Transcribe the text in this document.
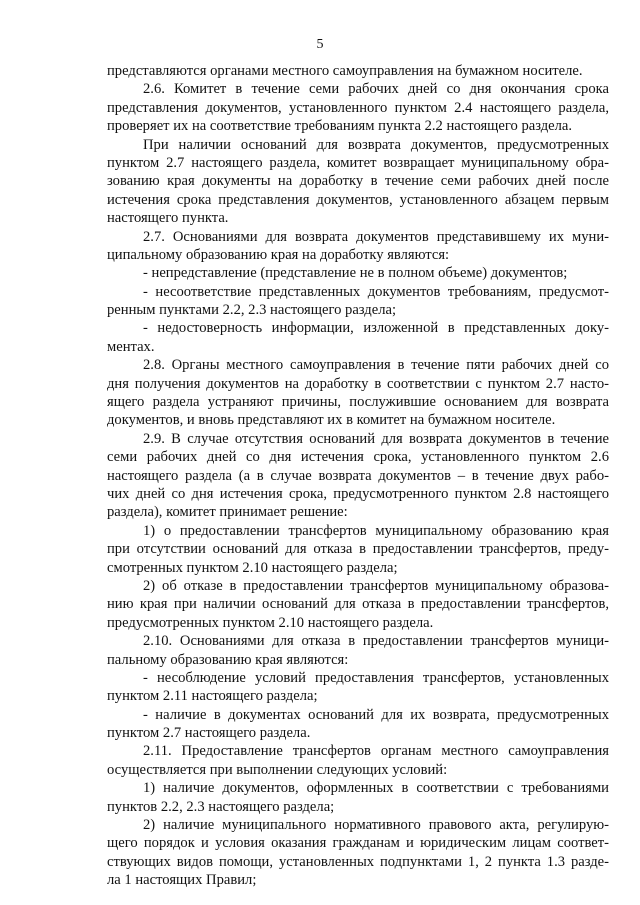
5
представляются органами местного самоуправления на бумажном носителе.
2.6. Комитет в течение семи рабочих дней со дня окончания срока
представления документов, установленного пунктом 2.4 настоящего раздела,
проверяет их на соответствие требованиям пункта 2.2 настоящего раздела.
При наличии оснований для возврата документов, предусмотренных
пунктом 2.7 настоящего раздела, комитет возвращает муниципальному обра-
зованию края документы на доработку в течение семи рабочих дней после
истечения срока представления документов, установленного абзацем первым
настоящего пункта.
2.7. Основаниями для возврата документов представившему их муни-
ципальному образованию края на доработку являются:
- непредставление (представление не в полном объеме) документов;
- несоответствие представленных документов требованиям, предусмот-
ренным пунктами 2.2, 2.3 настоящего раздела;
- недостоверность информации, изложенной в представленных доку-
ментах.
2.8. Органы местного самоуправления в течение пяти рабочих дней со
дня получения документов на доработку в соответствии с пунктом 2.7 насто-
ящего раздела устраняют причины, послужившие основанием для возврата
документов, и вновь представляют их в комитет на бумажном носителе.
2.9. В случае отсутствия оснований для возврата документов в течение
семи рабочих дней со дня истечения срока, установленного пунктом 2.6
настоящего раздела (а в случае возврата документов – в течение двух рабо-
чих дней со дня истечения срока, предусмотренного пунктом 2.8 настоящего
раздела), комитет принимает решение:
1) о предоставлении трансфертов муниципальному образованию края
при отсутствии оснований для отказа в предоставлении трансфертов, преду-
смотренных пунктом 2.10 настоящего раздела;
2) об отказе в предоставлении трансфертов муниципальному образова-
нию края при наличии оснований для отказа в предоставлении трансфертов,
предусмотренных пунктом 2.10 настоящего раздела.
2.10. Основаниями для отказа в предоставлении трансфертов муници-
пальному образованию края являются:
- несоблюдение условий предоставления трансфертов, установленных
пунктом 2.11 настоящего раздела;
- наличие в документах оснований для их возврата, предусмотренных
пунктом 2.7 настоящего раздела.
2.11. Предоставление трансфертов органам местного самоуправления
осуществляется при выполнении следующих условий:
1) наличие документов, оформленных в соответствии с требованиями
пунктов 2.2, 2.3 настоящего раздела;
2) наличие муниципального нормативного правового акта, регулирую-
щего порядок и условия оказания гражданам и юридическим лицам соответ-
ствующих видов помощи, установленных подпунктами 1, 2 пункта 1.3 разде-
ла 1 настоящих Правил;
